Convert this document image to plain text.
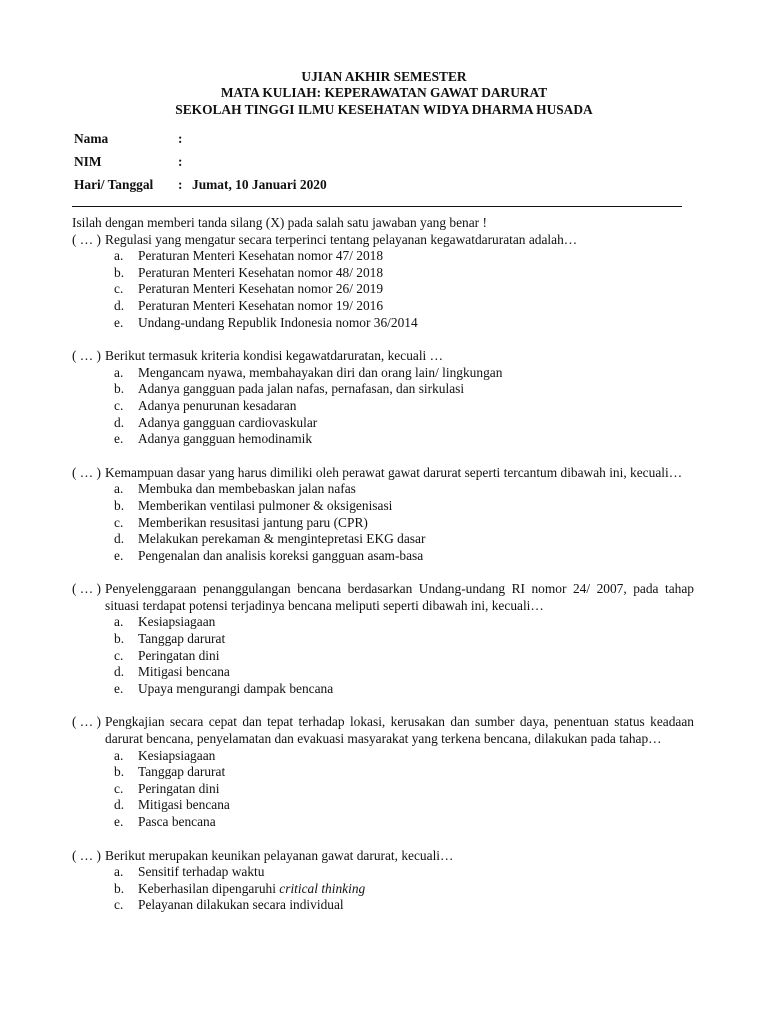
UJIAN AKHIR SEMESTER
MATA KULIAH: KEPERAWATAN GAWAT DARURAT
SEKOLAH TINGGI ILMU KESEHATAN WIDYA DHARMA HUSADA
Nama	:
NIM	:
Hari/ Tanggal : Jumat, 10 Januari 2020
Isilah dengan memberi tanda silang (X) pada salah satu jawaban yang benar !
( … ) Regulasi yang mengatur secara terperinci tentang pelayanan kegawatdaruratan adalah…
a. Peraturan Menteri Kesehatan nomor 47/ 2018
b. Peraturan Menteri Kesehatan nomor 48/ 2018
c. Peraturan Menteri Kesehatan nomor 26/ 2019
d. Peraturan Menteri Kesehatan nomor 19/ 2016
e. Undang-undang Republik Indonesia nomor 36/2014
( … ) Berikut termasuk kriteria kondisi kegawatdaruratan, kecuali …
a. Mengancam nyawa, membahayakan diri dan orang lain/ lingkungan
b. Adanya gangguan pada jalan nafas, pernafasan, dan sirkulasi
c. Adanya penurunan kesadaran
d. Adanya gangguan cardiovaskular
e. Adanya gangguan hemodinamik
( … ) Kemampuan dasar yang harus dimiliki oleh perawat gawat darurat seperti tercantum dibawah ini, kecuali…
a. Membuka dan membebaskan jalan nafas
b. Memberikan ventilasi pulmoner & oksigenisasi
c. Memberikan resusitasi jantung paru (CPR)
d. Melakukan perekaman & mengintepretasi EKG dasar
e. Pengenalan dan analisis koreksi gangguan asam-basa
( … ) Penyelenggaraan penanggulangan bencana berdasarkan Undang-undang RI nomor 24/ 2007, pada tahap situasi terdapat potensi terjadinya bencana meliputi seperti dibawah ini, kecuali…
a. Kesiapsiagaan
b. Tanggap darurat
c. Peringatan dini
d. Mitigasi bencana
e. Upaya mengurangi dampak bencana
( … ) Pengkajian secara cepat dan tepat terhadap lokasi, kerusakan dan sumber daya, penentuan status keadaan darurat bencana, penyelamatan dan evakuasi masyarakat yang terkena bencana, dilakukan pada tahap…
a. Kesiapsiagaan
b. Tanggap darurat
c. Peringatan dini
d. Mitigasi bencana
e. Pasca bencana
( … ) Berikut merupakan keunikan pelayanan gawat darurat, kecuali…
a. Sensitif terhadap waktu
b. Keberhasilan dipengaruhi critical thinking
c. Pelayanan dilakukan secara individual
